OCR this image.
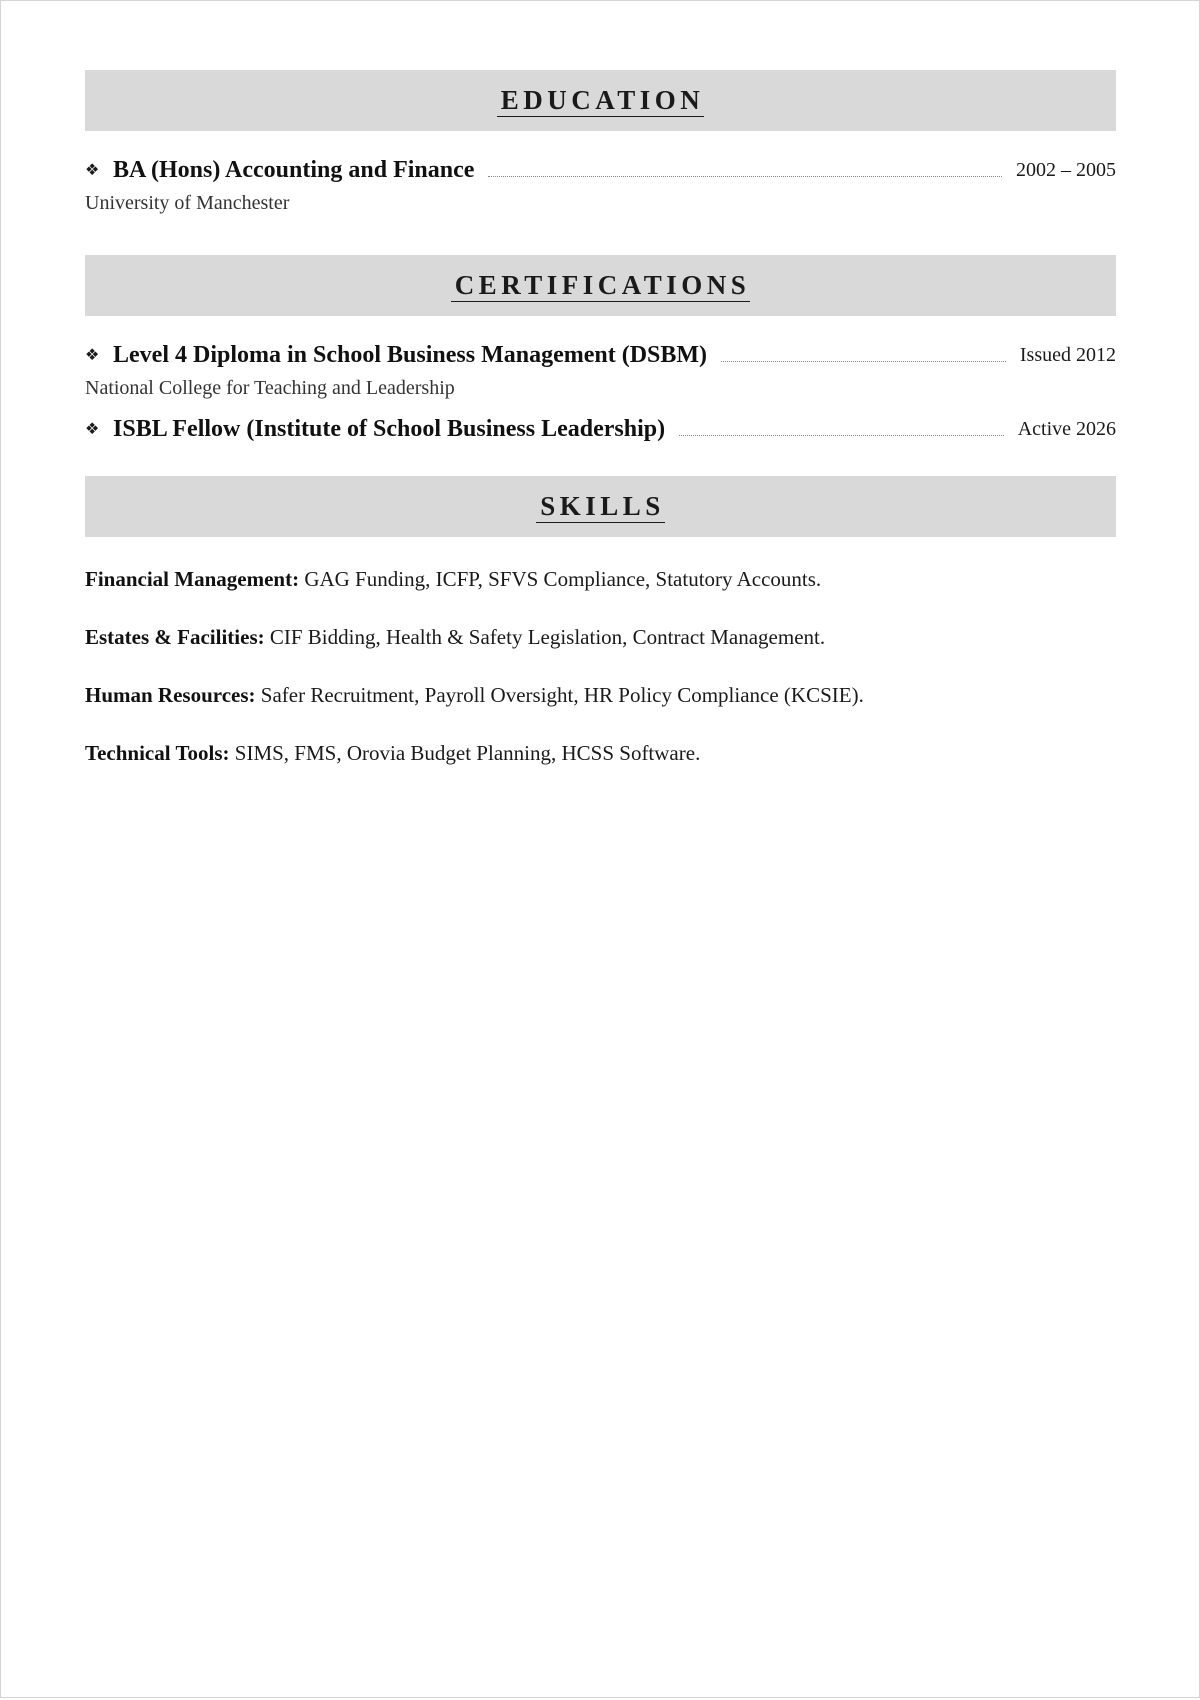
EDUCATION
❖ BA (Hons) Accounting and Finance	2002 – 2005
University of Manchester
CERTIFICATIONS
❖ Level 4 Diploma in School Business Management (DSBM)	Issued 2012
National College for Teaching and Leadership
❖ ISBL Fellow (Institute of School Business Leadership)	Active 2026
SKILLS
Financial Management: GAG Funding, ICFP, SFVS Compliance, Statutory Accounts.
Estates & Facilities: CIF Bidding, Health & Safety Legislation, Contract Management.
Human Resources: Safer Recruitment, Payroll Oversight, HR Policy Compliance (KCSIE).
Technical Tools: SIMS, FMS, Orovia Budget Planning, HCSS Software.
